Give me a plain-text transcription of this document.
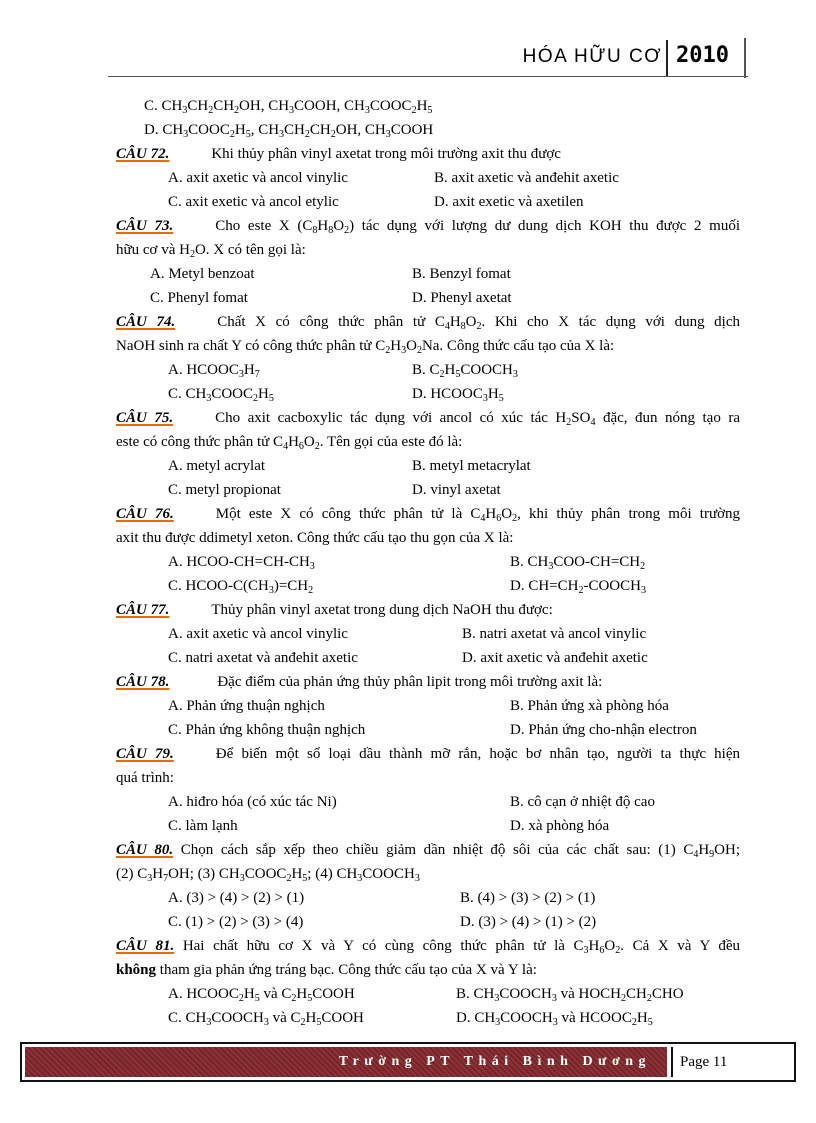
HÓA HỮU CƠ 2010
C. $CH_3CH_2CH_2OH$, $CH_3COOH$, $CH_3COOC_2H_5$
D. $CH_3COOC_2H_5$, $CH_3CH_2CH_2OH$, $CH_3COOH$
CÂU 72.	Khi thủy phân vinyl axetat trong môi trường axit thu được
A. axit axetic và ancol vinylic	B. axit axetic và anđehit axetic
C. axit exetic và ancol etylic	D. axit exetic và axetilen
CÂU 73.	Cho este X $(C_8H_8O_2)$ tác dụng với lượng dư dung dịch KOH thu được 2 muối
hữu cơ và $H_2O$. X có tên gọi là:
A. Metyl benzoat	B. Benzyl fomat
C. Phenyl fomat	D. Phenyl axetat
CÂU 74.	Chất X có công thức phân tử $C_4H_8O_2$. Khi cho X tác dụng với dung dịch
NaOH sinh ra chất Y có công thức phân tử $C_2H_3O_2Na$. Công thức cấu tạo của X là:
A. $HCOOC_3H_7$	B. $C_2H_5COOCH_3$
C. $CH_3COOC_2H_5$	D. $HCOOC_3H_5$
CÂU 75.	Cho axit cacboxylic tác dụng với ancol có xúc tác $H_2SO_4$ đặc, đun nóng tạo ra
este có công thức phân tử $C_4H_6O_2$. Tên gọi của este đó là:
A. metyl acrylat	B. metyl metacrylat
C. metyl propionat	D. vinyl axetat
CÂU 76.	Một este X có công thức phân tử là $C_4H_6O_2$, khi thủy phân trong môi trường
axit thu được ddimetyl xeton. Công thức cấu tạo thu gọn của X là:
A. HCOO-$CH=CH-CH_3$	B. $CH_3COO-CH=CH_2$
C. HCOO-$C(CH_3)=CH_2$	D. $CH=CH_2-COOCH_3$
CÂU 77.	Thủy phân vinyl axetat trong dung dịch NaOH thu được:
A. axit axetic và ancol vinylic	B. natri axetat và ancol vinylic
C. natri axetat và anđehit axetic	D. axit axetic và anđehit axetic
CÂU 78.	Đặc điểm của phản ứng thủy phân lipit trong môi trường axit là:
A. Phản ứng thuận nghịch	B. Phản ứng xà phòng hóa
C. Phản ứng không thuận nghịch	D. Phản ứng cho-nhận electron
CÂU 79.	Để biến một số loại dầu thành mỡ rắn, hoặc bơ nhân tạo, người ta thực hiện
quá trình:
A. hiđro hóa (có xúc tác Ni)	B. cô cạn ở nhiệt độ cao
C. làm lạnh	D. xà phòng hóa
CÂU 80. Chọn cách sắp xếp theo chiều giảm dần nhiệt độ sôi của các chất sau: (1) $C_4H_9OH$;
(2) $C_3H_7OH$; (3) $CH_3COOC_2H_5$; (4) $CH_3COOCH_3$
A. (3) > (4) > (2) > (1)	B. (4) > (3) > (2) > (1)
C. (1) > (2) > (3) > (4)	D. (3) > (4) > (1) > (2)
CÂU 81. Hai chất hữu cơ X và Y có cùng công thức phân tử là $C_3H_6O_2$. Cả X và Y đều
không tham gia phản ứng tráng bạc. Công thức cấu tạo của X và Y là:
A. $HCOOC_2H_5$ và $C_2H_5COOH$	B. $CH_3COOCH_3$ và $HOCH_2CH_2CHO$
C. $CH_3COOCH_3$ và $C_2H_5COOH$	D. $CH_3COOCH_3$ và $HCOOC_2H_5$
Trường PT Thái Bình Dương Page 11
